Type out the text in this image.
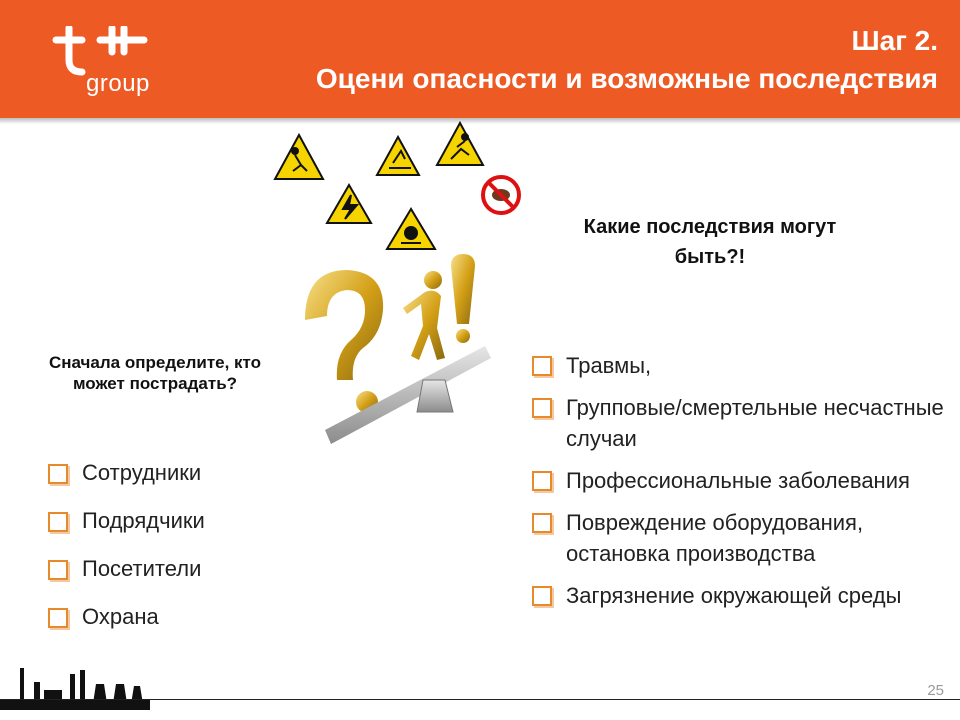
group
Шаг 2.
Оцени опасности и возможные последствия
Сначала определите, кто может пострадать?
Сотрудники
Подрядчики
Посетители
Охрана
Какие последствия могут быть?!
Травмы,
Групповые/смертельные несчастные случаи
Профессиональные заболевания
Повреждение оборудования, остановка производства
Загрязнение окружающей среды
25
